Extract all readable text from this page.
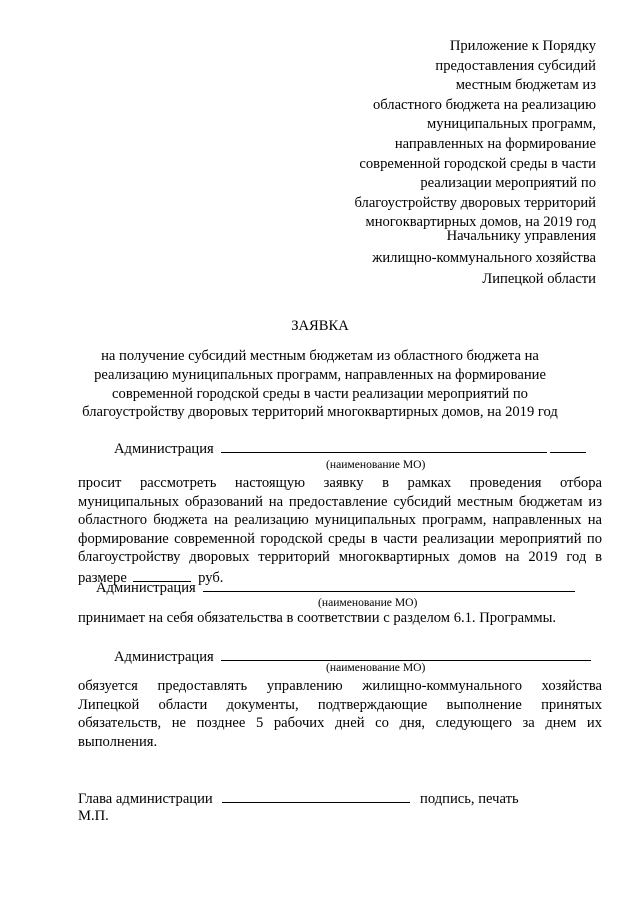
Приложение к Порядку
предоставления субсидий
местным бюджетам из
областного бюджета на реализацию
муниципальных программ,
направленных на формирование
современной городской среды в части
реализации мероприятий по
благоустройству дворовых территорий
многоквартирных домов, на 2019 год
Начальнику управления
жилищно-коммунального хозяйства
Липецкой области
ЗАЯВКА
на получение субсидий местным бюджетам из областного бюджета на реализацию муниципальных программ, направленных на формирование современной городской среды в части реализации мероприятий по благоустройству дворовых территорий многоквартирных домов, на 2019 год
Администрация
(наименование МО)
просит рассмотреть настоящую заявку в рамках проведения отбора муниципальных образований на предоставление субсидий местным бюджетам из областного бюджета на реализацию муниципальных программ, направленных на формирование современной городской среды в части реализации мероприятий по благоустройству дворовых территорий многоквартирных домов на 2019 год в размере	руб.
Администрация
(наименование МО)
принимает на себя обязательства в соответствии с разделом 6.1. Программы.
Администрация
(наименование МО)
обязуется предоставлять управлению жилищно-коммунального хозяйства Липецкой области документы, подтверждающие выполнение принятых обязательств, не позднее 5 рабочих дней со дня, следующего за днем их выполнения.
Глава администрации	подпись, печать
М.П.
